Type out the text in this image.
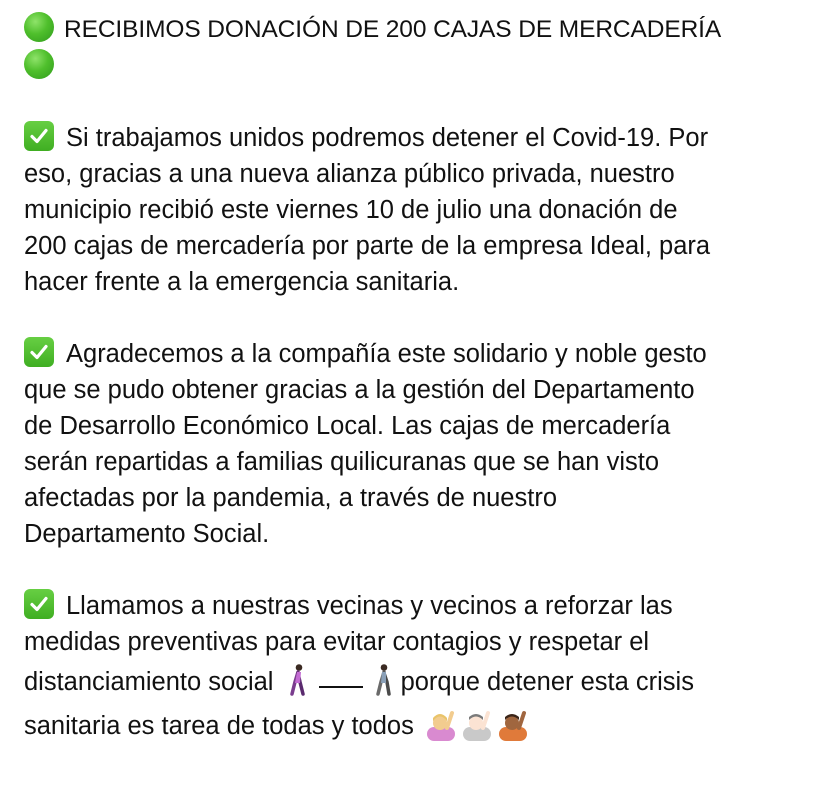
RECIBIMOS DONACIÓN DE 200 CAJAS DE MERCADERÍA
Si trabajamos unidos podremos detener el Covid-19. Por
eso, gracias a una nueva alianza público privada, nuestro
municipio recibió este viernes 10 de julio una donación de
200 cajas de mercadería por parte de la empresa Ideal, para
hacer frente a la emergencia sanitaria.
Agradecemos a la compañía este solidario y noble gesto
que se pudo obtener gracias a la gestión del Departamento
de Desarrollo Económico Local. Las cajas de mercadería
serán repartidas a familias quilicuranas que se han visto
afectadas por la pandemia, a través de nuestro
Departamento Social.
Llamamos a nuestras vecinas y vecinos a reforzar las
medidas preventivas para evitar contagios y respetar el
distanciamiento social	porque detener esta crisis
sanitaria es tarea de todas y todos
